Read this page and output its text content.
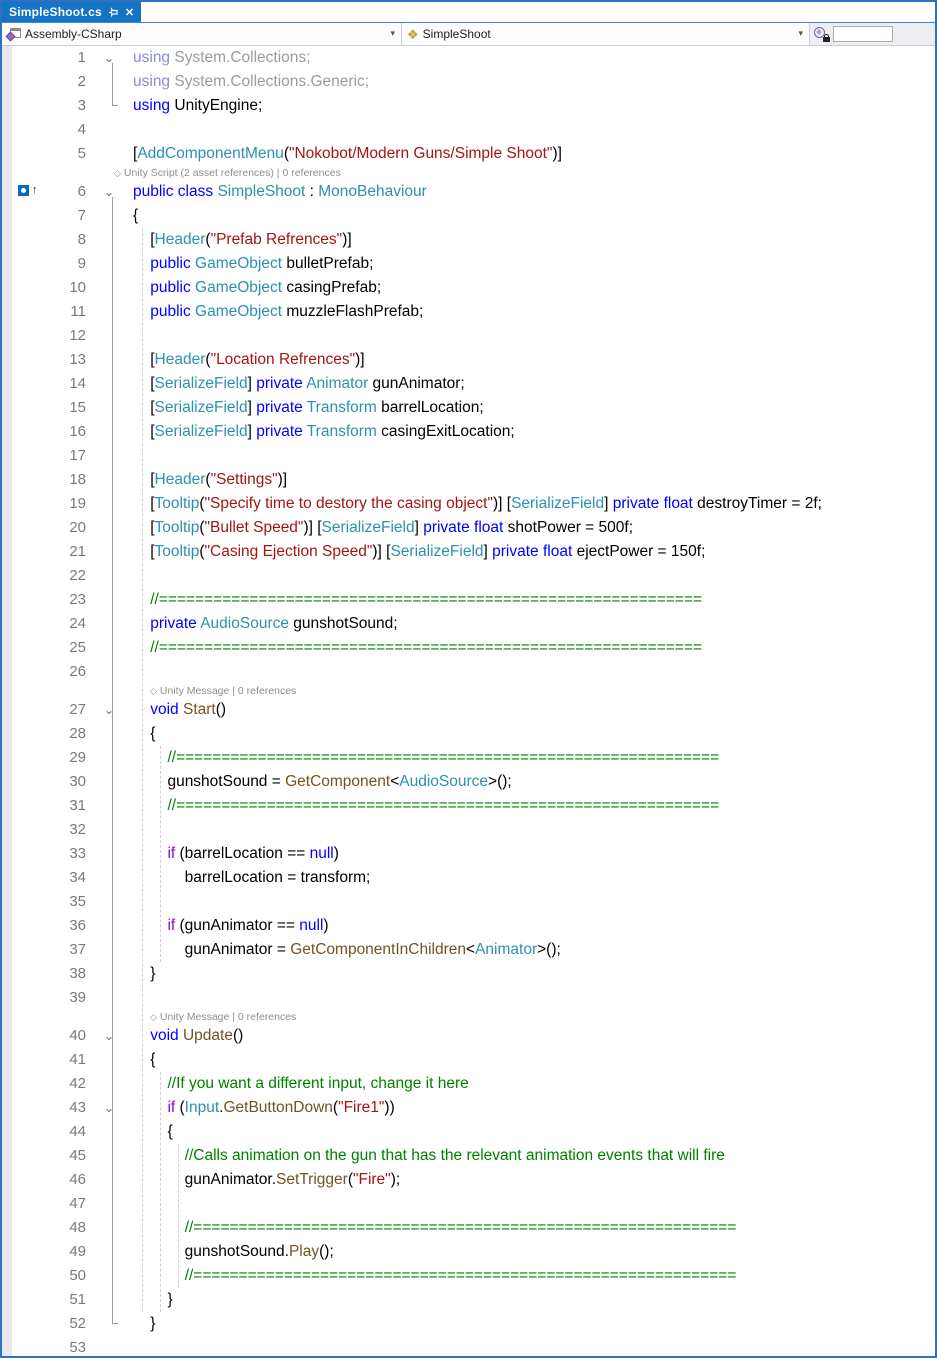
SimpleShoot.cs ✕
Assembly-CSharp	▾ ❖ SimpleShoot	▾
↑
1	⌄	using System.Collections;
2	using System.Collections.Generic;
3	using UnityEngine;
4
5	[AddComponentMenu("Nokobot/Modern Guns/Simple Shoot")]
◇ Unity Script (2 asset references) | 0 references
6	⌄	public class SimpleShoot : MonoBehaviour
7	{
8	[Header("Prefab Refrences")]
9	public GameObject bulletPrefab;
10	public GameObject casingPrefab;
11	public GameObject muzzleFlashPrefab;
12
13	[Header("Location Refrences")]
14	[SerializeField] private Animator gunAnimator;
15	[SerializeField] private Transform barrelLocation;
16	[SerializeField] private Transform casingExitLocation;
17
18	[Header("Settings")]
19	[Tooltip("Specify time to destory the casing object")] [SerializeField] private float destroyTimer = 2f;
20	[Tooltip("Bullet Speed")] [SerializeField] private float shotPower = 500f;
21	[Tooltip("Casing Ejection Speed")] [SerializeField] private float ejectPower = 150f;
22
23	//============================================================
24	private AudioSource gunshotSound;
25	//============================================================
26
◇ Unity Message | 0 references
27	⌄	void Start()
28	{
29	//============================================================
30	gunshotSound = GetComponent<AudioSource>();
31	//============================================================
32
33	if (barrelLocation == null)
34	barrelLocation = transform;
35
36	if (gunAnimator == null)
37	gunAnimator = GetComponentInChildren<Animator>();
38	}
39
◇ Unity Message | 0 references
40	⌄	void Update()
41	{
42	//If you want a different input, change it here
43	⌄	if (Input.GetButtonDown("Fire1"))
44	{
45	//Calls animation on the gun that has the relevant animation events that will fire
46	gunAnimator.SetTrigger("Fire");
47
48	//============================================================
49	gunshotSound.Play();
50	//============================================================
51	}
52	}
53
